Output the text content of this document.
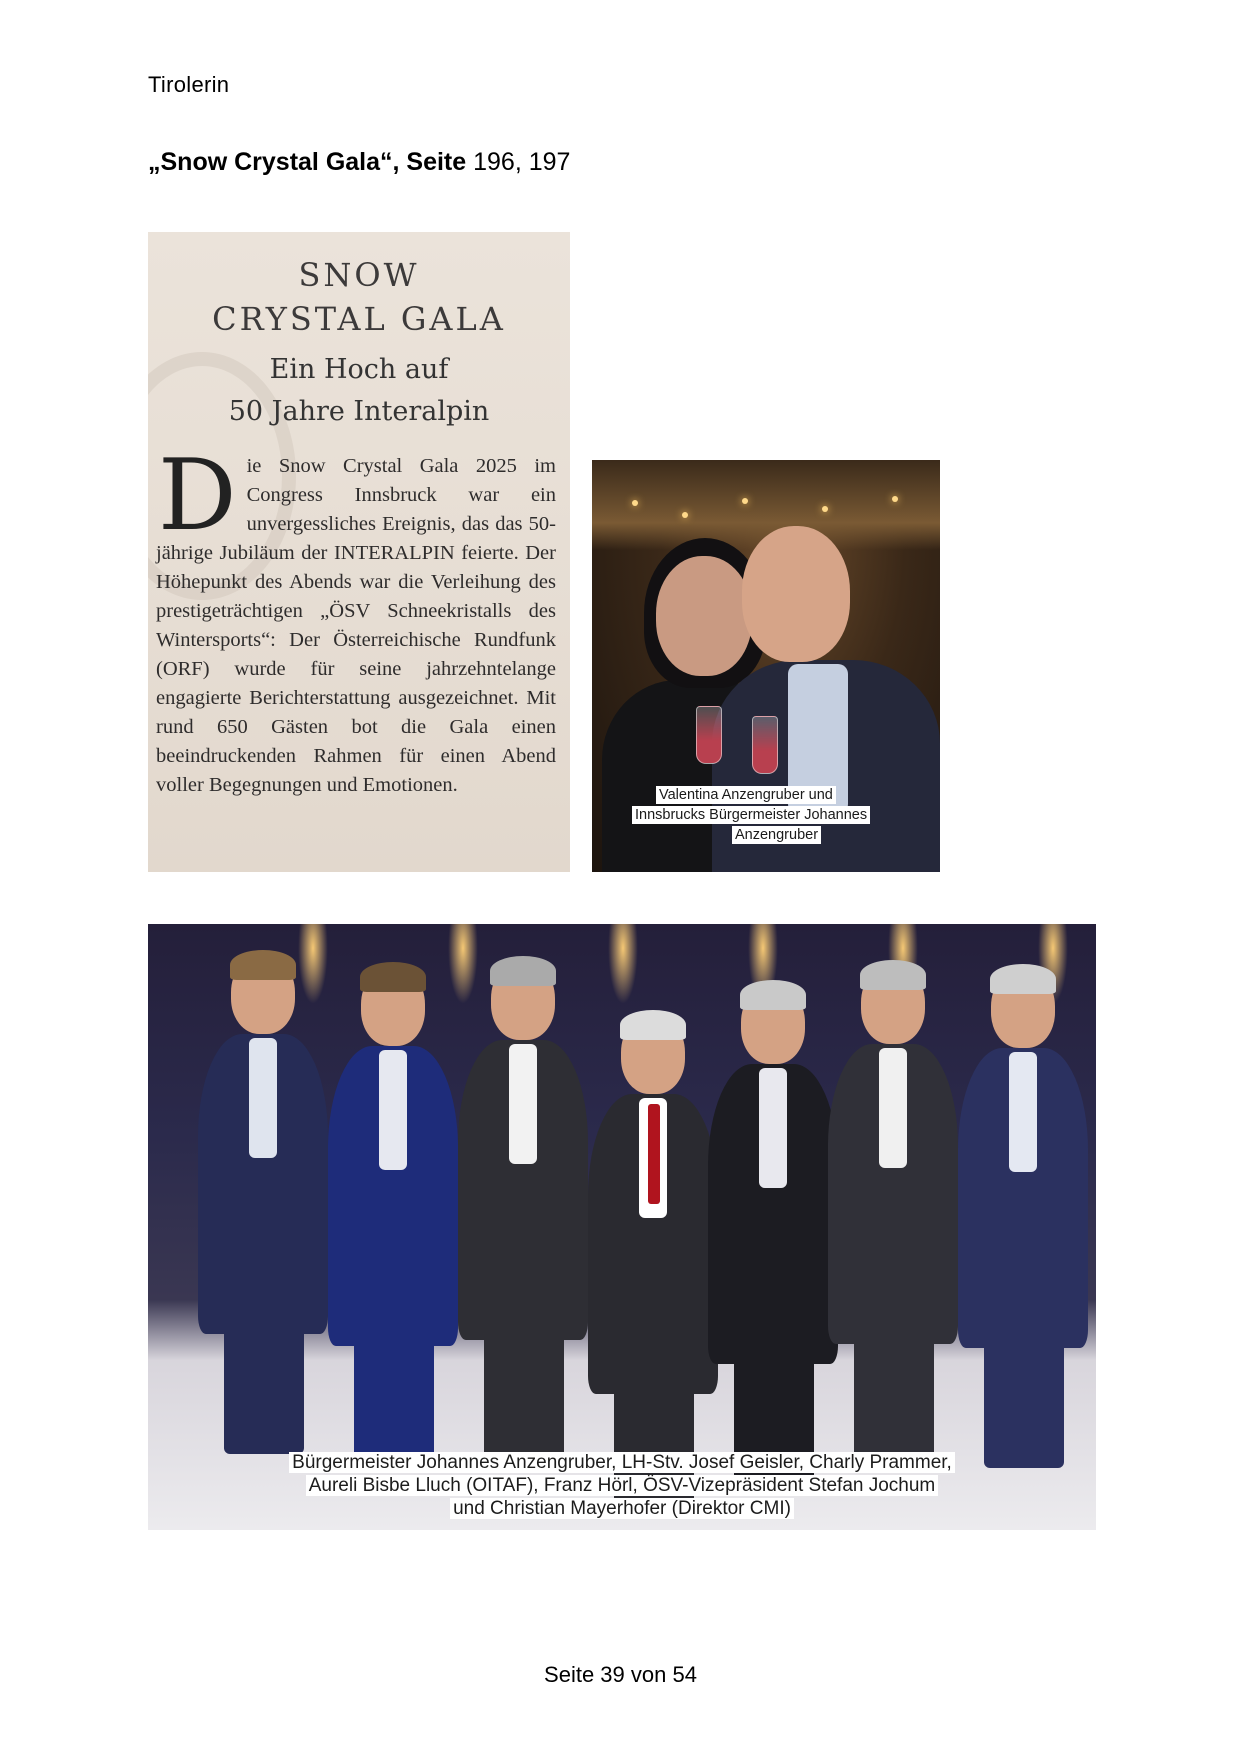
Tirolerin
„Snow Crystal Gala“, Seite 196, 197
SNOW
CRYSTAL GALA
Ein Hoch auf
50 Jahre Interalpin
Die Snow Crystal Gala 2025 im Congress Innsbruck war ein unvergessliches Ereignis, das das 50-jährige Jubiläum der INTERALPIN feierte. Der Höhepunkt des Abends war die Verleihung des prestigeträchtigen „ÖSV Schneekristalls des Wintersports“: Der Österreichische Rundfunk (ORF) wurde für seine jahrzehntelange engagierte Berichterstattung ausgezeichnet. Mit rund 650 Gästen bot die Gala einen beeindruckenden Rahmen für einen Abend voller Begegnungen und Emotionen.	Valentina Anzengruber und
Innsbrucks Bürgermeister Johannes
Anzengruber
Bürgermeister Johannes Anzengruber, LH-Stv. Josef Geisler, Charly Prammer,
Aureli Bisbe Lluch (OITAF), Franz Hörl, ÖSV-Vizepräsident Stefan Jochum
und Christian Mayerhofer (Direktor CMI)
Seite 39 von 54
